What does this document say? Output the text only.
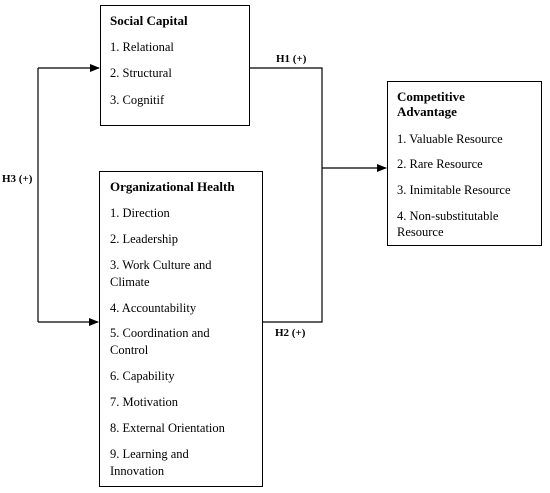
Social Capital
1. Relational
2. Structural
3. Cognitif
Organizational Health
1. Direction
2. Leadership
3. Work Culture and
Climate
4. Accountability
5. Coordination and
Control
6. Capability
7. Motivation
8. External Orientation
9. Learning and
Innovation
Competitive
Advantage
1. Valuable Resource
2. Rare Resource
3. Inimitable Resource
4. Non-substitutable
Resource
H1 (+)
H2 (+)
H3 (+)
